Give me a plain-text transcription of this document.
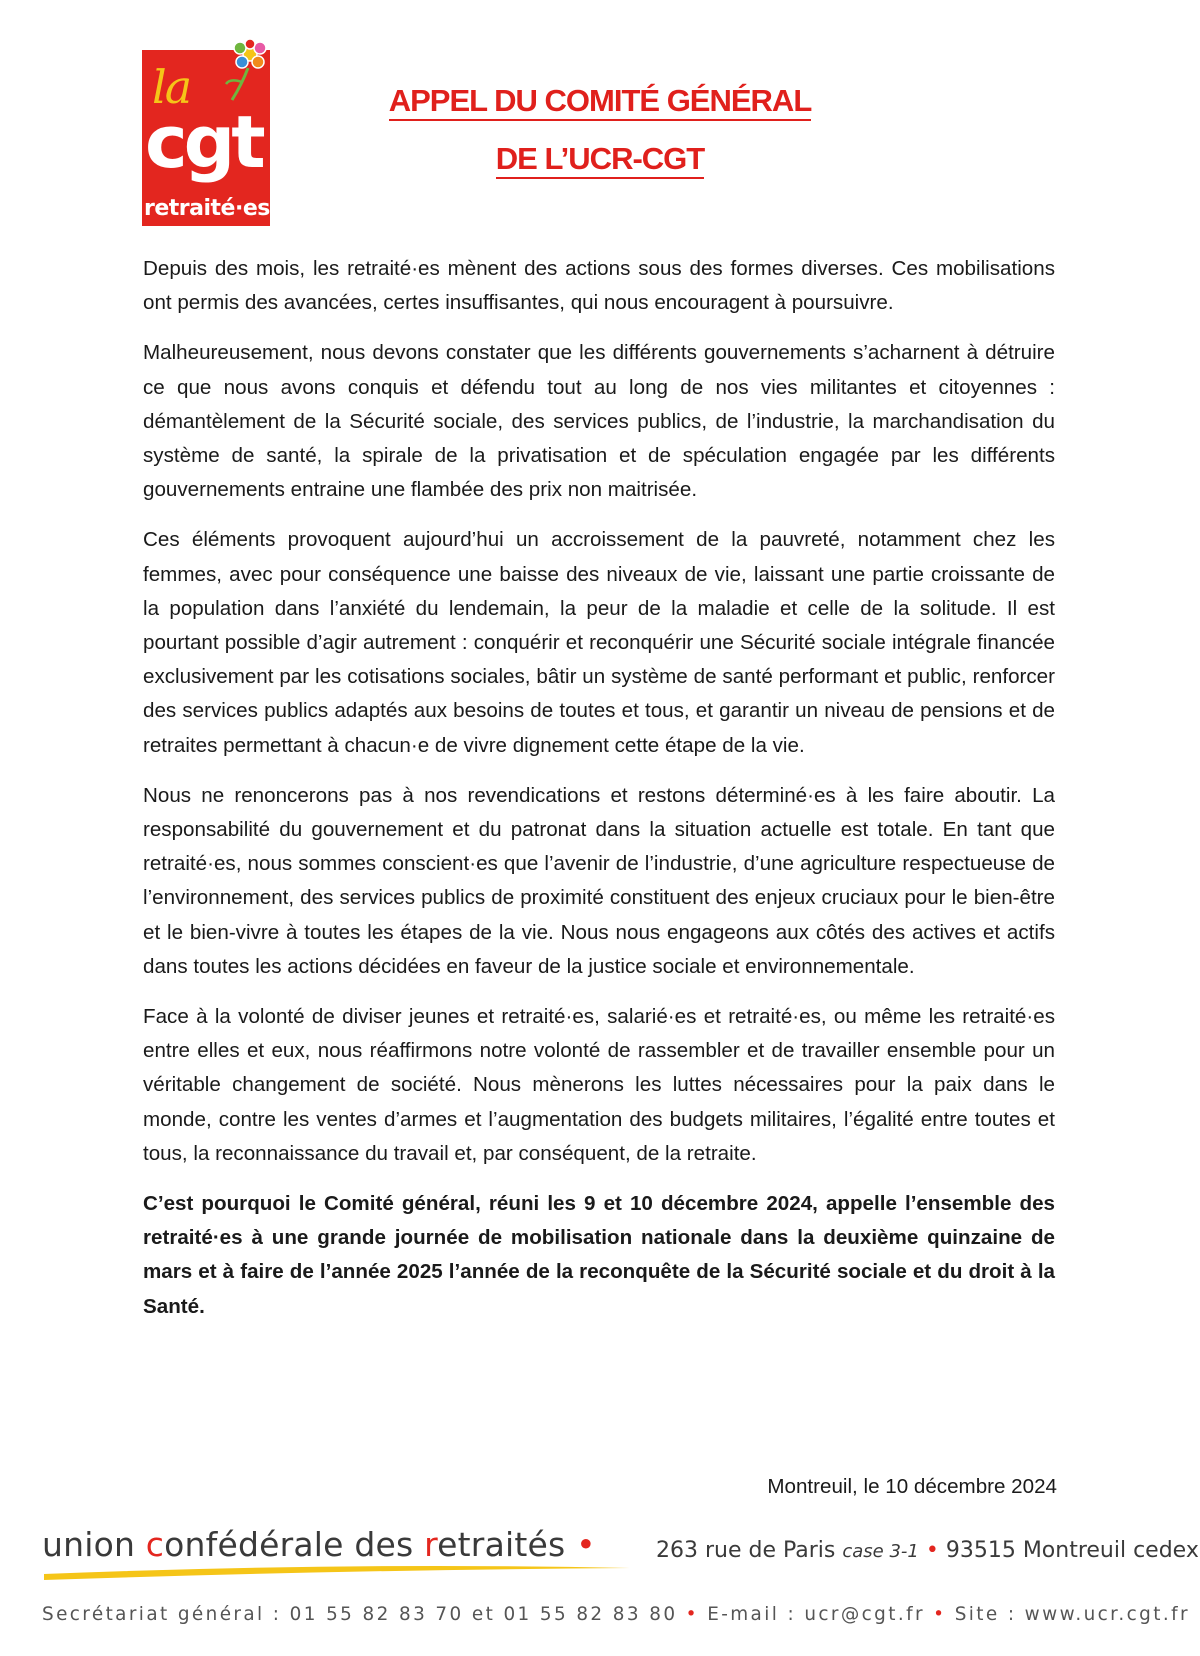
la
cgt
retraité·es
APPEL DU COMITÉ GÉNÉRAL
DE L’UCR-CGT

Depuis des mois, les retraité·es mènent des actions sous des formes diverses. Ces mobilisations ont permis des avancées, certes insuffisantes, qui nous encouragent à poursuivre.

Malheureusement, nous devons constater que les différents gouvernements s’acharnent à détruire ce que nous avons conquis et défendu tout au long de nos vies militantes et citoyennes : démantèlement de la Sécurité sociale, des services publics, de l’industrie, la marchandisation du système de santé, la spirale de la privatisation et de spéculation engagée par les différents gouvernements entraine une flambée des prix non maitrisée.

Ces éléments provoquent aujourd’hui un accroissement de la pauvreté, notamment chez les femmes, avec pour conséquence une baisse des niveaux de vie, laissant une partie croissante de la population dans l’anxiété du lendemain, la peur de la maladie et celle de la solitude. Il est pourtant possible d’agir autrement : conquérir et reconquérir une Sécurité sociale intégrale financée exclusivement par les cotisations sociales, bâtir un système de santé performant et public, renforcer des services publics adaptés aux besoins de toutes et tous, et garantir un niveau de pensions et de retraites permettant à chacun·e de vivre dignement cette étape de la vie.

Nous ne renoncerons pas à nos revendications et restons déterminé·es à les faire aboutir. La responsabilité du gouvernement et du patronat dans la situation actuelle est totale. En tant que retraité·es, nous sommes conscient·es que l’avenir de l’industrie, d’une agriculture respectueuse de l’environnement, des services publics de proximité constituent des enjeux cruciaux pour le bien-être et le bien-vivre à toutes les étapes de la vie. Nous nous engageons aux côtés des actives et actifs dans toutes les actions décidées en faveur de la justice sociale et environnementale.

Face à la volonté de diviser jeunes et retraité·es, salarié·es et retraité·es, ou même les retraité·es entre elles et eux, nous réaffirmons notre volonté de rassembler et de travailler ensemble pour un véritable changement de société. Nous mènerons les luttes nécessaires pour la paix dans le monde, contre les ventes d’armes et l’augmentation des budgets militaires, l’égalité entre toutes et tous, la reconnaissance du travail et, par conséquent, de la retraite.

C’est pourquoi le Comité général, réuni les 9 et 10 décembre 2024, appelle l’ensemble des retraité·es à une grande journée de mobilisation nationale dans la deuxième quinzaine de mars et à faire de l’année 2025 l’année de la reconquête de la Sécurité sociale et du droit à la Santé.

Montreuil, le 10 décembre 2024
union confédérale des retraités •	263 rue de Paris case 3-1 • 93515 Montreuil cedex
Secrétariat général : 01 55 82 83 70 et 01 55 82 83 80 • E-mail : ucr@cgt.fr • Site : www.ucr.cgt.fr
